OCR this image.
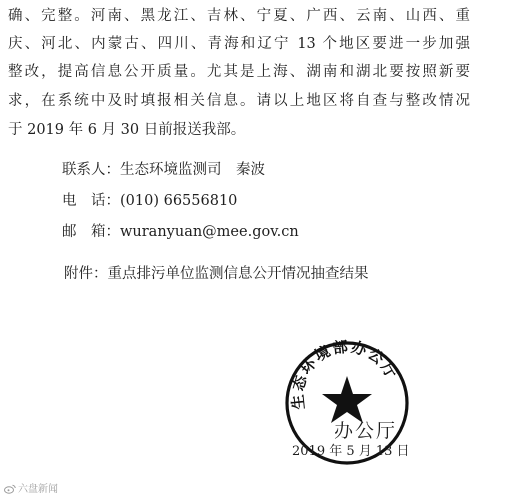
确、完整。河南、黑龙江、吉林、宁夏、广西、云南、山西、重
庆、河北、内蒙古、四川、青海和辽宁 13 个地区要进一步加强
整改，提高信息公开质量。尤其是上海、湖南和湖北要按照新要
求，在系统中及时填报相关信息。请以上地区将自查与整改情况
于 2019 年 6 月 30 日前报送我部。
联系人：生态环境监测司　秦波
电　话：(010) 66556810
邮　箱：wuranyuan@mee.gov.cn
附件：重点排污单位监测信息公开情况抽查结果
生态环境部办公厅
办公厅
2019 年 5 月 13 日
六盘新闻
